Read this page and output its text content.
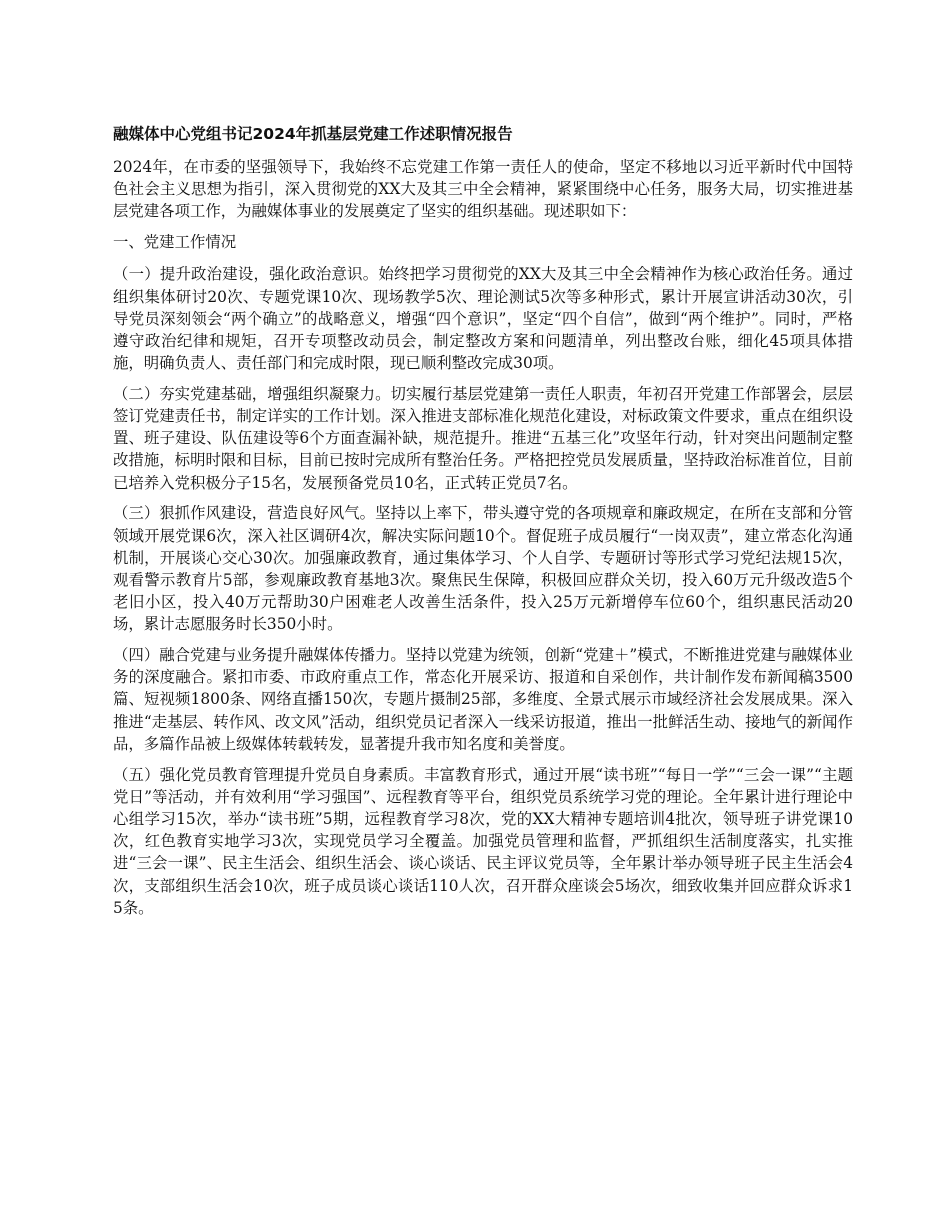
融媒体中心党组书记2024年抓基层党建工作述职情况报告
2024年，在市委的坚强领导下，我始终不忘党建工作第一责任人的使命，坚定不移地以习近平新时代中国特色社会主义思想为指引，深入贯彻党的XX大及其三中全会精神，紧紧围绕中心任务，服务大局，切实推进基层党建各项工作，为融媒体事业的发展奠定了坚实的组织基础。现述职如下：
一、党建工作情况
（一）提升政治建设，强化政治意识。始终把学习贯彻党的XX大及其三中全会精神作为核心政治任务。通过组织集体研讨20次、专题党课10次、现场教学5次、理论测试5次等多种形式，累计开展宣讲活动30次，引导党员深刻领会“两个确立”的战略意义，增强“四个意识”，坚定“四个自信”，做到“两个维护”。同时，严格遵守政治纪律和规矩，召开专项整改动员会，制定整改方案和问题清单，列出整改台账，细化45项具体措施，明确负责人、责任部门和完成时限，现已顺利整改完成30项。
（二）夯实党建基础，增强组织凝聚力。切实履行基层党建第一责任人职责，年初召开党建工作部署会，层层签订党建责任书，制定详实的工作计划。深入推进支部标准化规范化建设，对标政策文件要求，重点在组织设置、班子建设、队伍建设等6个方面查漏补缺，规范提升。推进“五基三化”攻坚年行动，针对突出问题制定整改措施，标明时限和目标，目前已按时完成所有整治任务。严格把控党员发展质量，坚持政治标准首位，目前已培养入党积极分子15名，发展预备党员10名，正式转正党员7名。
（三）狠抓作风建设，营造良好风气。坚持以上率下，带头遵守党的各项规章和廉政规定，在所在支部和分管领域开展党课6次，深入社区调研4次，解决实际问题10个。督促班子成员履行“一岗双责”，建立常态化沟通机制，开展谈心交心30次。加强廉政教育，通过集体学习、个人自学、专题研讨等形式学习党纪法规15次，观看警示教育片5部，参观廉政教育基地3次。聚焦民生保障，积极回应群众关切，投入60万元升级改造5个老旧小区，投入40万元帮助30户困难老人改善生活条件，投入25万元新增停车位60个，组织惠民活动20场，累计志愿服务时长350小时。
（四）融合党建与业务提升融媒体传播力。坚持以党建为统领，创新“党建＋”模式，不断推进党建与融媒体业务的深度融合。紧扣市委、市政府重点工作，常态化开展采访、报道和自采创作，共计制作发布新闻稿3500篇、短视频1800条、网络直播150次，专题片摄制25部，多维度、全景式展示市域经济社会发展成果。深入推进“走基层、转作风、改文风”活动，组织党员记者深入一线采访报道，推出一批鲜活生动、接地气的新闻作品，多篇作品被上级媒体转载转发，显著提升我市知名度和美誉度。
（五）强化党员教育管理提升党员自身素质。丰富教育形式，通过开展“读书班”“每日一学”“三会一课”“主题党日”等活动，并有效利用“学习强国”、远程教育等平台，组织党员系统学习党的理论。全年累计进行理论中心组学习15次，举办“读书班”5期，远程教育学习8次，党的XX大精神专题培训4批次，领导班子讲党课10次，红色教育实地学习3次，实现党员学习全覆盖。加强党员管理和监督，严抓组织生活制度落实，扎实推进“三会一课”、民主生活会、组织生活会、谈心谈话、民主评议党员等，全年累计举办领导班子民主生活会4次，支部组织生活会10次，班子成员谈心谈话110人次，召开群众座谈会5场次，细致收集并回应群众诉求15条。
